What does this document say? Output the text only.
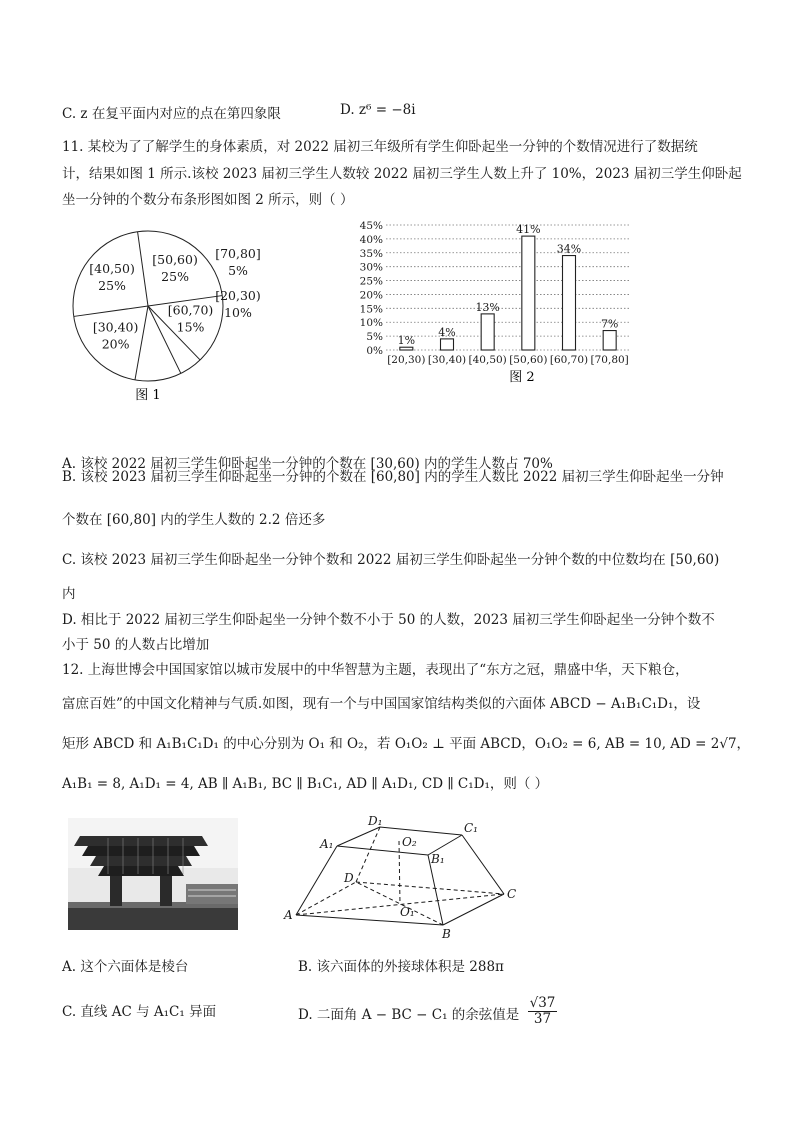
C. z 在复平面内对应的点在第四象限	D. z⁶ = −8i
11. 某校为了了解学生的身体素质，对 2022 届初三年级所有学生仰卧起坐一分钟的个数情况进行了数据统
计，结果如图 1 所示.该校 2023 届初三学生人数较 2022 届初三学生人数上升了 10%，2023 届初三学生仰卧起
坐一分钟的个数分布条形图如图 2 所示，则（ ）
[50,60)
25%
[60,70)
15%
[70,80]
5%
[20,30)
10%
[30,40)
20%
[40,50)
25%
图 1
0%
5%
10%
15%
20%
25%
30%
35%
40%
45%
1%
4%
13%
41%
34%
7%
[20,30) [30,40) [40,50) [50,60) [60,70) [70,80]
图 2
A. 该校 2022 届初三学生仰卧起坐一分钟的个数在 [30,60) 内的学生人数占 70%
B. 该校 2023 届初三学生仰卧起坐一分钟的个数在 [60,80] 内的学生人数比 2022 届初三学生仰卧起坐一分钟
个数在 [60,80] 内的学生人数的 2.2 倍还多
C. 该校 2023 届初三学生仰卧起坐一分钟个数和 2022 届初三学生仰卧起坐一分钟个数的中位数均在 [50,60)
内
D. 相比于 2022 届初三学生仰卧起坐一分钟个数不小于 50 的人数，2023 届初三学生仰卧起坐一分钟个数不
小于 50 的人数占比增加
12. 上海世博会中国国家馆以城市发展中的中华智慧为主题，表现出了“东方之冠，鼎盛中华，天下粮仓，
富庶百姓”的中国文化精神与气质.如图，现有一个与中国国家馆结构类似的六面体 ABCD − A₁B₁C₁D₁，设
矩形 ABCD 和 A₁B₁C₁D₁ 的中心分别为 O₁ 和 O₂，若 O₁O₂ ⊥ 平面 ABCD，O₁O₂ = 6, AB = 10, AD = 2√7，
A₁B₁ = 8, A₁D₁ = 4, AB ∥ A₁B₁, BC ∥ B₁C₁, AD ∥ A₁D₁, CD ∥ C₁D₁，则（ ）
D₁	C₁
A₁	O₂
B₁
D
C
A	O₁
B
A. 这个六面体是棱台	B. 该六面体的外接球体积是 288π
C. 直线 AC 与 A₁C₁ 异面	D. 二面角 A − BC − C₁ 的余弦值是 $\frac{√37}{37}$
